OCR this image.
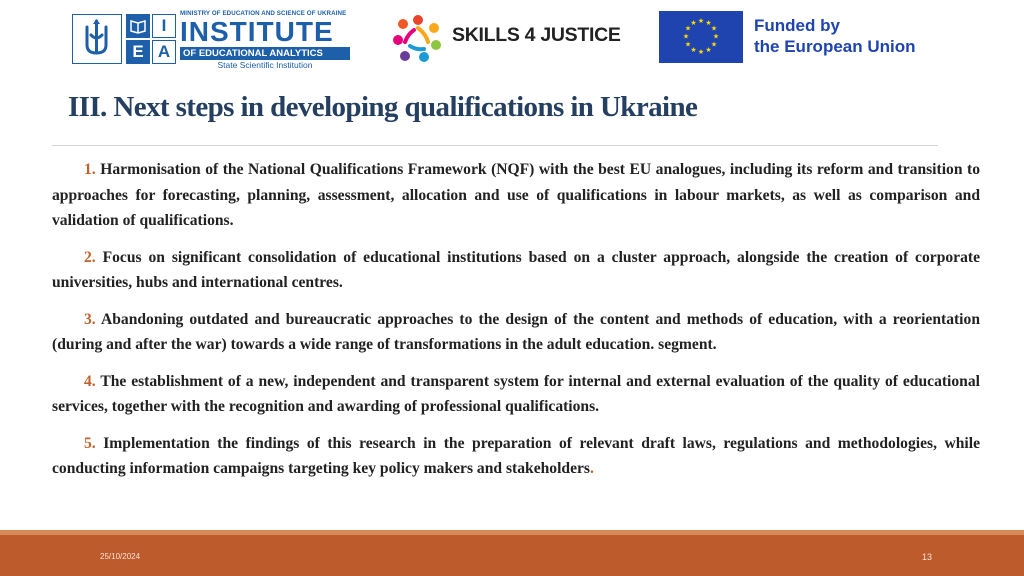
I
E A
MINISTRY OF EDUCATION AND SCIENCE OF UKRAINE
INSTITUTE
OF EDUCATIONAL ANALYTICS
State Scientific Institution
SKILLS 4 JUSTICE
★ ★
★
★
★
★
★
★
★
★
★
★	Funded by
the European Union
III. Next steps in developing qualifications in Ukraine

1. Harmonisation of the National Qualifications Framework (NQF) with the best EU analogues, including its reform and transition to approaches for forecasting, planning, assessment, allocation and use of qualifications in labour markets, as well as comparison and validation of qualifications.

2. Focus on significant consolidation of educational institutions based on a cluster approach, alongside the creation of corporate universities, hubs and international centres.

3. Abandoning outdated and bureaucratic approaches to the design of the content and methods of education, with a reorientation (during and after the war) towards a wide range of transformations in the adult education. segment.

4. The establishment of a new, independent and transparent system for internal and external evaluation of the quality of educational services, together with the recognition and awarding of professional qualifications.

5. Implementation the findings of this research in the preparation of relevant draft laws, regulations and methodologies, while conducting information campaigns targeting key policy makers and stakeholders.

25/10/2024	13
